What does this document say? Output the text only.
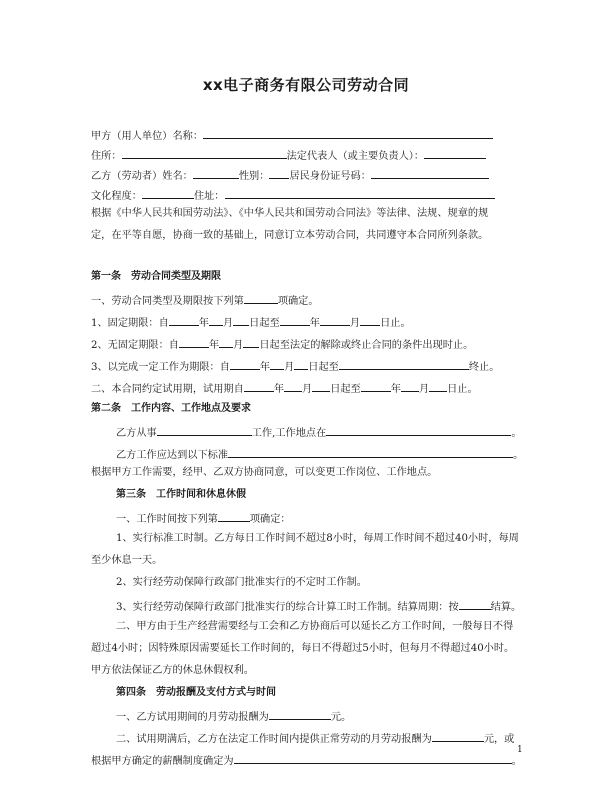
xx电子商务有限公司劳动合同
甲方（用人单位）名称：
住所：	法定代表人（或主要负责人）：
乙方（劳动者）姓名：	性别： 居民身份证号码：
文化程度：	住址：
根据《中华人民共和国劳动法》、《中华人民共和国劳动合同法》等法律、法规、规章的规
定，在平等自愿，协商一致的基础上，同意订立本劳动合同，共同遵守本合同所列条款。
第一条　劳动合同类型及期限
一、劳动合同类型及期限按下列第	项确定。
1、固定期限：自	年 月 日起至	年	月 日止。
2、无固定期限：自	年 月 日起至法定的解除或终止合同的条件出现时止。
3、以完成一定工作为期限：自	年 月 日起至	终止。
二、本合同约定试用期，试用期自	年 月 日起至	年 月 日止。
第二条　工作内容、工作地点及要求
乙方从事	工作,工作地点在	。
乙方工作应达到以下标准	。
根据甲方工作需要，经甲、乙双方协商同意，可以变更工作岗位、工作地点。
第三条　工作时间和休息休假
一、工作时间按下列第	项确定：
1、实行标准工时制。乙方每日工作时间不超过8小时，每周工作时间不超过40小时，每周
至少休息一天。
2、实行经劳动保障行政部门批准实行的不定时工作制。
3、实行经劳动保障行政部门批准实行的综合计算工时工作制。结算周期：按	结算。
二、甲方由于生产经营需要经与工会和乙方协商后可以延长乙方工作时间，一般每日不得
超过4小时；因特殊原因需要延长工作时间的，每日不得超过5小时，但每月不得超过40小时。
甲方依法保证乙方的休息休假权利。
第四条　劳动报酬及支付方式与时间
一、乙方试用期间的月劳动报酬为	元。
二、试用期满后，乙方在法定工作时间内提供正常劳动的月劳动报酬为	元，或
根据甲方确定的薪酬制度确定为	。
1
